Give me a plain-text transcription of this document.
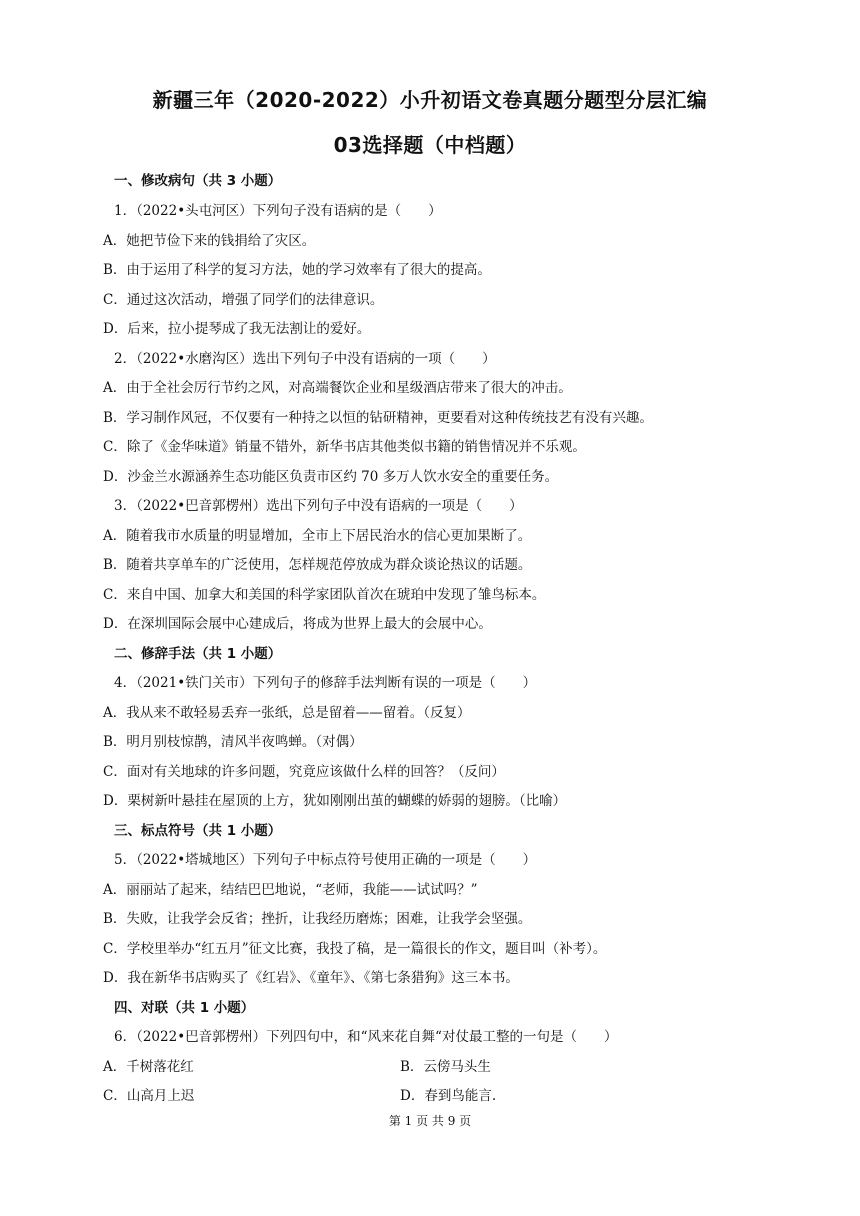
新疆三年（2020-2022）小升初语文卷真题分题型分层汇编
03选择题（中档题）
一、修改病句（共 3 小题）
1．（2022•头屯河区）下列句子没有语病的是（　　）
A．她把节俭下来的钱捐给了灾区。
B．由于运用了科学的复习方法，她的学习效率有了很大的提高。
C．通过这次活动，增强了同学们的法律意识。
D．后来，拉小提琴成了我无法割让的爱好。
2．（2022•水磨沟区）选出下列句子中没有语病的一项（　　）
A．由于全社会厉行节约之风，对高端餐饮企业和星级酒店带来了很大的冲击。
B．学习制作风冠，不仅要有一种持之以恒的钻研精神，更要看对这种传统技艺有没有兴趣。
C．除了《金华味道》销量不错外，新华书店其他类似书籍的销售情况并不乐观。
D．沙金兰水源涵养生态功能区负责市区约 70 多万人饮水安全的重要任务。
3．（2022•巴音郭楞州）选出下列句子中没有语病的一项是（　　）
A．随着我市水质量的明显增加，全市上下居民治水的信心更加果断了。
B．随着共享单车的广泛使用，怎样规范停放成为群众谈论热议的话题。
C．来自中国、加拿大和美国的科学家团队首次在琥珀中发现了雏鸟标本。
D．在深圳国际会展中心建成后，将成为世界上最大的会展中心。
二、修辞手法（共 1 小题）
4．（2021•铁门关市）下列句子的修辞手法判断有误的一项是（　　）
A．我从来不敢轻易丢弃一张纸，总是留着——留着。（反复）
B．明月别枝惊鹊，清风半夜鸣蝉。（对偶）
C．面对有关地球的许多问题，究竟应该做什么样的回答？（反问）
D．栗树新叶悬挂在屋顶的上方，犹如刚刚出茧的蝴蝶的娇弱的翅膀。（比喻）
三、标点符号（共 1 小题）
5．（2022•塔城地区）下列句子中标点符号使用正确的一项是（　　）
A．丽丽站了起来，结结巴巴地说，“老师，我能——试试吗？”
B．失败，让我学会反省；挫折，让我经历磨炼；困难，让我学会坚强。
C．学校里举办“红五月”征文比赛，我投了稿，是一篇很长的作文，题目叫（补考）。
D．我在新华书店购买了《红岩》、《童年》、《第七条猎狗》这三本书。
四、对联（共 1 小题）
6．（2022•巴音郭楞州）下列四句中，和“风来花自舞“对仗最工整的一句是（　　）
A．千树落花红	B．云傍马头生
C．山高月上迟	D．春到鸟能言.
第 1 页 共 9 页
